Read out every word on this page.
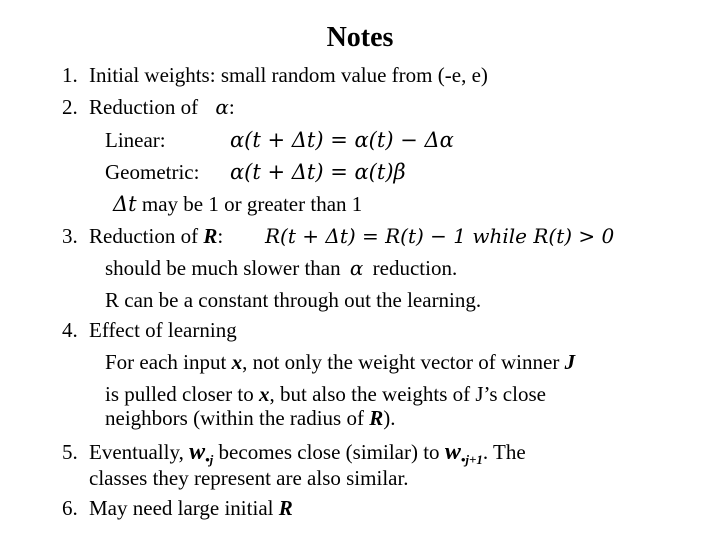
Notes
1. Initial weights: small random value from (-e, e)
2. Reduction of α:
Linear:	α(t + Δt) = α(t) − Δα
Geometric: α(t + Δt) = α(t)β
Δt may be 1 or greater than 1
3. Reduction of R: R(t + Δt) = R(t) − 1 while R(t) > 0
should be much slower than α reduction.
R can be a constant through out the learning.
4. Effect of learning
For each input x, not only the weight vector of winner J
is pulled closer to x, but also the weights of J’s close
neighbors (within the radius of R).
5. Eventually, $w_{•j}$ becomes close (similar) to $w_{•j+1}$. The
classes they represent are also similar.
6. May need large initial R
